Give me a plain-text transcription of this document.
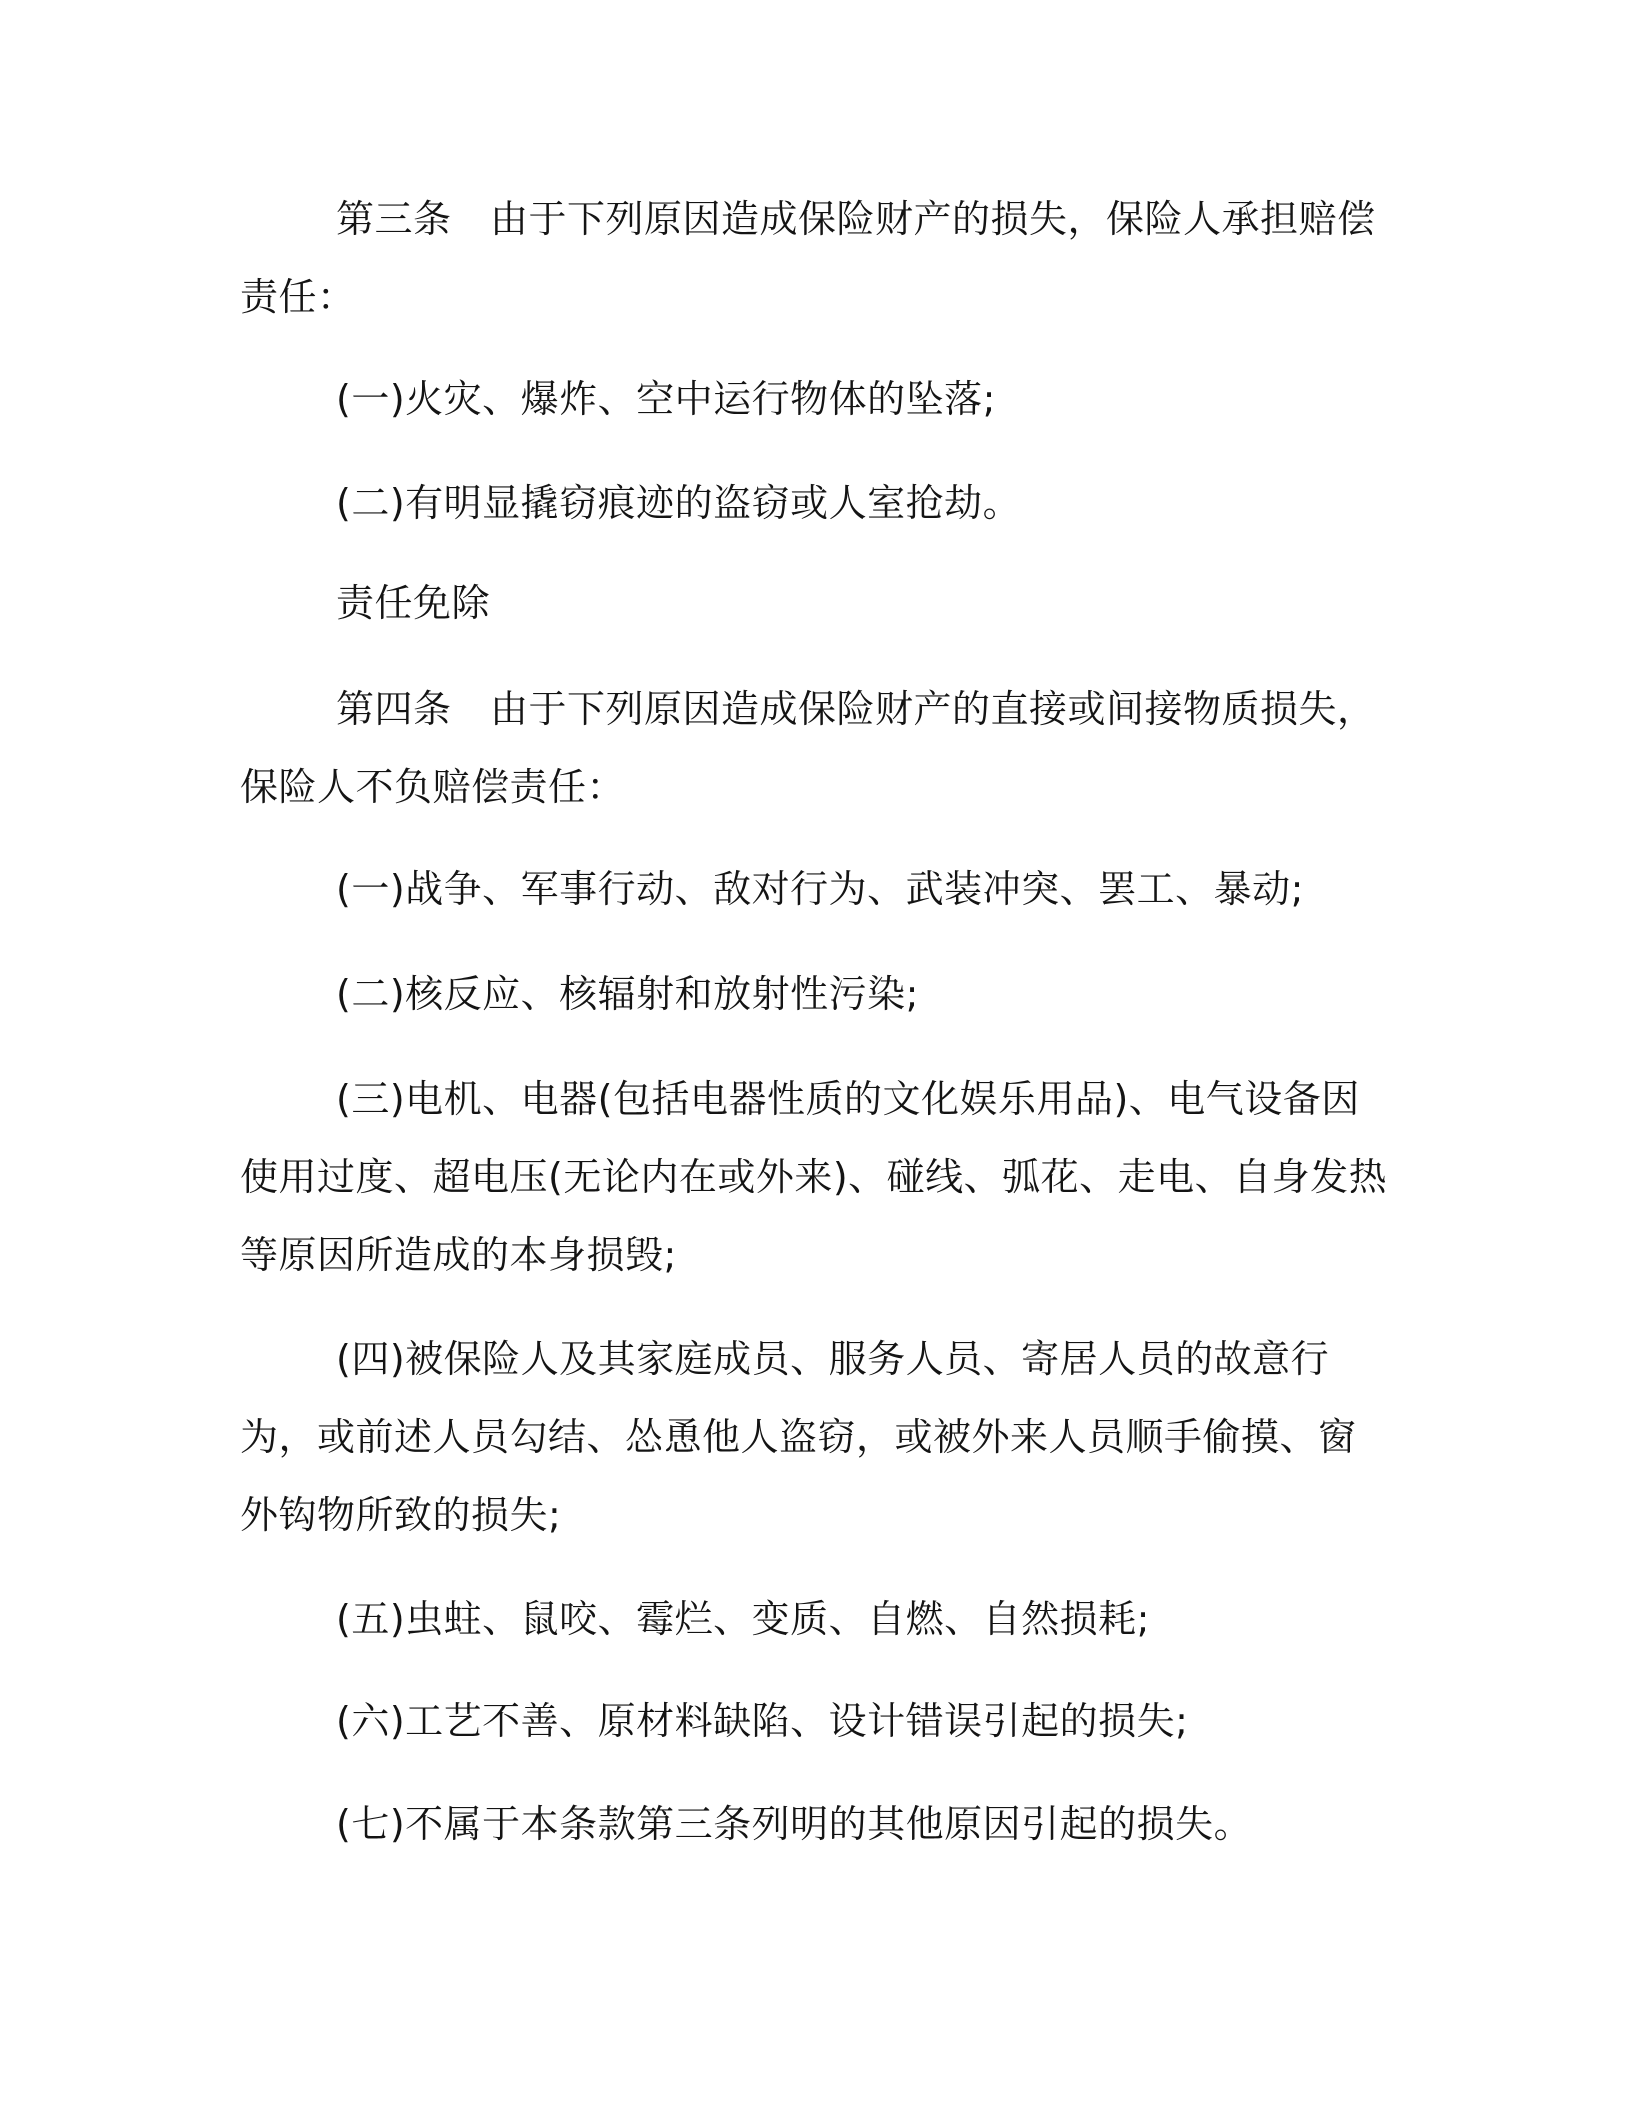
第三条　由于下列原因造成保险财产的损失，保险人承担赔偿责任：

(一)火灾、爆炸、空中运行物体的坠落;

(二)有明显撬窃痕迹的盗窃或人室抢劫。

责任免除

第四条　由于下列原因造成保险财产的直接或间接物质损失，保险人不负赔偿责任：

(一)战争、军事行动、敌对行为、武装冲突、罢工、暴动;

(二)核反应、核辐射和放射性污染;

(三)电机、电器(包括电器性质的文化娱乐用品)、电气设备因使用过度、超电压(无论内在或外来)、碰线、弧花、走电、自身发热等原因所造成的本身损毁;

(四)被保险人及其家庭成员、服务人员、寄居人员的故意行为，或前述人员勾结、怂恿他人盗窃，或被外来人员顺手偷摸、窗外钩物所致的损失;

(五)虫蛀、鼠咬、霉烂、变质、自燃、自然损耗;

(六)工艺不善、原材料缺陷、设计错误引起的损失;

(七)不属于本条款第三条列明的其他原因引起的损失。
